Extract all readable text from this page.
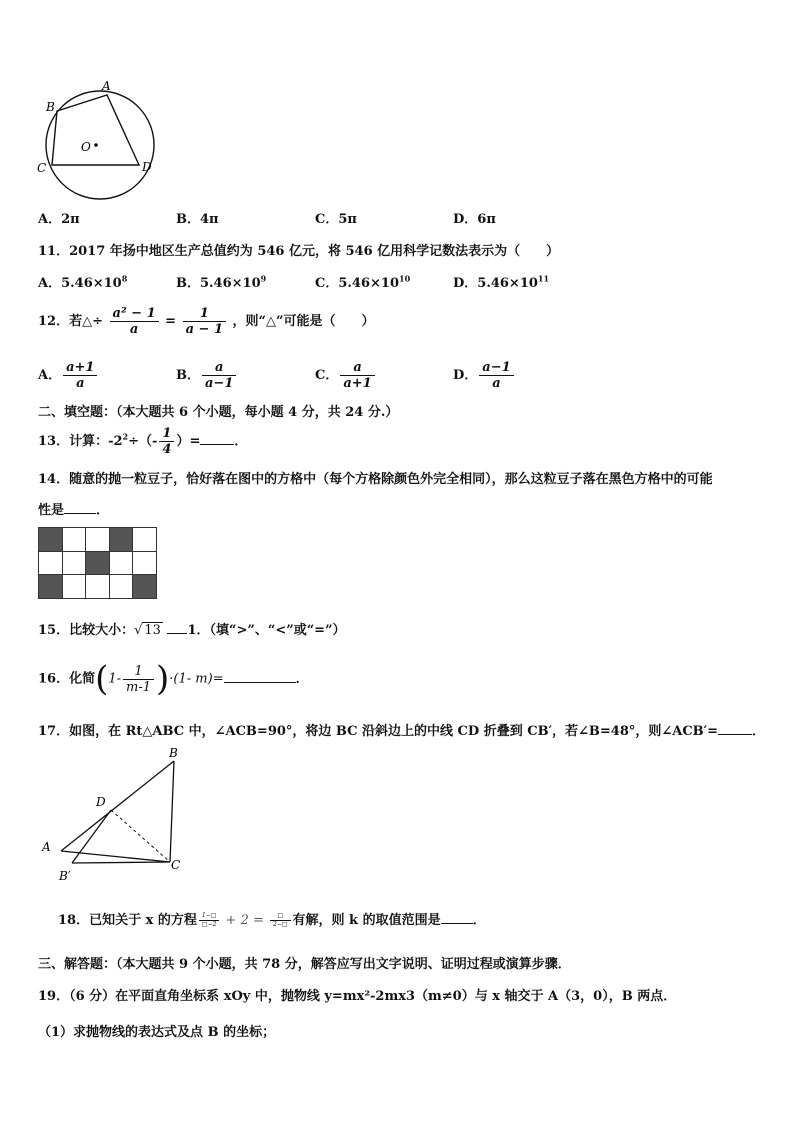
A
B
C	D
O
A．2π	B．4π	C．5π	D．6π
11．2017 年扬中地区生产总值约为 546 亿元，将 546 亿用科学记数法表示为（　　）
A．$5.46\times 10^8$	B．$5.46\times 10^9$	C．$5.46\times 10^{10}$	D．$5.46\times 10^{11}$
12．若△÷ $\frac{\text{a² − 1}}{a} = \frac{1}{a - 1}$ ，则“△”可能是（　　）
A． $\frac{a+1}{a}$	B． $\frac{a}{a-1}$	C． $\frac{a}{a+1}$	D． $\frac{a-1}{a}$
二、填空题：（本大题共 6 个小题，每小题 4 分，共 24 分.）
13．计算：$-2^2\div(- \frac{1}{4}$ ）=	．
14．随意的抛一粒豆子，恰好落在图中的方格中（每个方格除颜色外完全相同），那么这粒豆子落在黑色方格中的可能
性是 ．

15．比较大小：√ 13 1．（填“>”、“<”或“=”）
16．化简$(1- \frac{1}{m-1} )\cdot(1-$ m)=	．
17．如图，在 Rt△ABC 中，∠ACB=90°，将边 BC 沿斜边上的中线 CD 折叠到 CB′，若∠B=48°，则∠ACB′=	．
B
D
A
C
B′
18．已知关于 x 的方程 $\frac{1-□}{□-2} + 2 = \frac{□}{2-□}$ 有解，则 k 的取值范围是 ．
三、解答题：（本大题共 9 个小题，共 78 分，解答应写出文字说明、证明过程或演算步骤．
19．（6 分）在平面直角坐标系 xOy 中，抛物线 y=mx²-2mx3（m≠0）与 x 轴交于 A（3，0），B 两点．
（1）求抛物线的表达式及点 B 的坐标；
